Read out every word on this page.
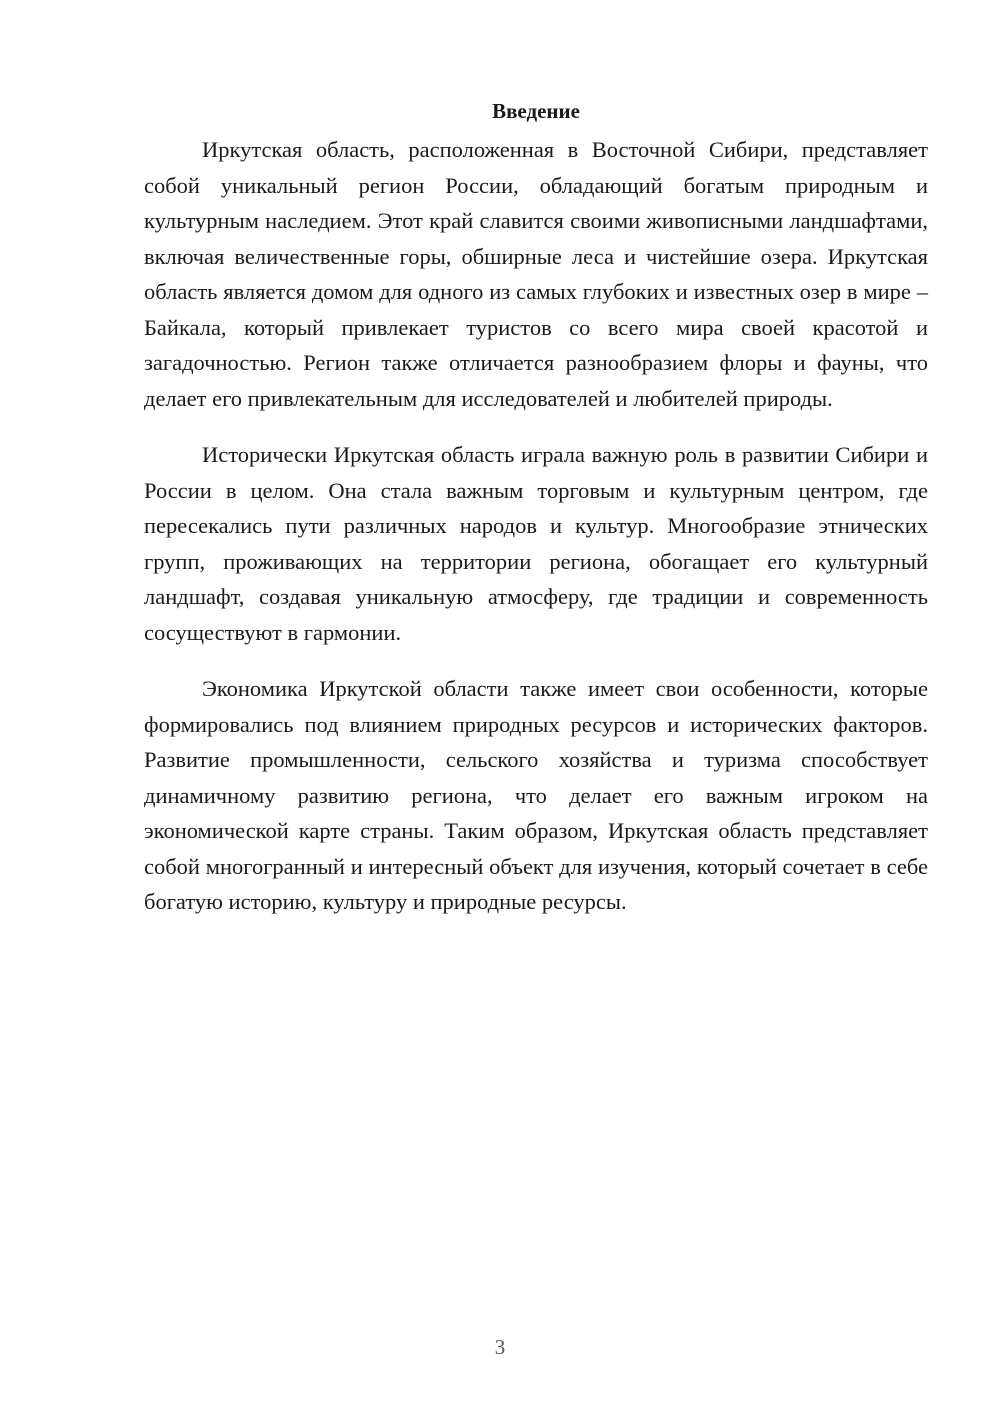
Введение

Иркутская область, расположенная в Восточной Сибири, представляет собой уникальный регион России, обладающий богатым природным и культурным наследием. Этот край славится своими живописными ландшафтами, включая величественные горы, обширные леса и чистейшие озера. Иркутская область является домом для одного из самых глубоких и известных озер в мире – Байкала, который привлекает туристов со всего мира своей красотой и загадочностью. Регион также отличается разнообразием флоры и фауны, что делает его привлекательным для исследователей и любителей природы.

Исторически Иркутская область играла важную роль в развитии Сибири и России в целом. Она стала важным торговым и культурным центром, где пересекались пути различных народов и культур. Многообразие этнических групп, проживающих на территории региона, обогащает его культурный ландшафт, создавая уникальную атмосферу, где традиции и современность сосуществуют в гармонии.

Экономика Иркутской области также имеет свои особенности, которые формировались под влиянием природных ресурсов и исторических факторов. Развитие промышленности, сельского хозяйства и туризма способствует динамичному развитию региона, что делает его важным игроком на экономической карте страны. Таким образом, Иркутская область представляет собой многогранный и интересный объект для изучения, который сочетает в себе богатую историю, культуру и природные ресурсы.

3
